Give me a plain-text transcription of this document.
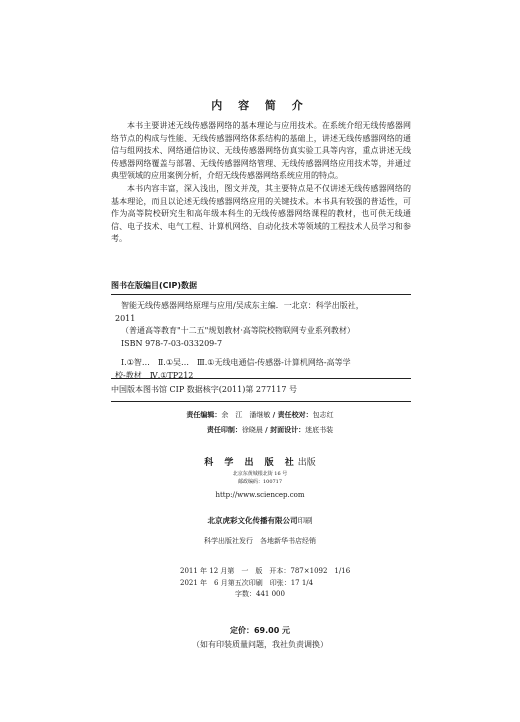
内 容 简 介

本书主要讲述无线传感器网络的基本理论与应用技术。在系统介绍无线传感器网络节点的构成与性能、无线传感器网络体系结构的基础上，讲述无线传感器网络的通信与组网技术、网络通信协议、无线传感器网络仿真实验工具等内容，重点讲述无线传感器网络覆盖与部署、无线传感器网络管理、无线传感器网络应用技术等，并通过典型领域的应用案例分析，介绍无线传感器网络系统应用的特点。

本书内容丰富，深入浅出，图文并茂，其主要特点是不仅讲述无线传感器网络的基本理论，而且以论述无线传感器网络应用的关键技术。本书具有较强的普适性，可作为高等院校研究生和高年级本科生的无线传感器网络课程的教材，也可供无线通信、电子技术、电气工程、计算机网络、自动化技术等领域的工程技术人员学习和参考。

图书在版编目(CIP)数据

智能无线传感器网络原理与应用/吴成东主编．一北京：科学出版社，

2011

（普通高等教育"十二五"规划教材·高等院校物联网专业系列教材）

ISBN 978-7-03-033209-7

Ⅰ.①智…　Ⅱ.①吴…　Ⅲ.①无线电通信-传感器-计算机网络-高等学

校-教材　Ⅳ.①TP212

中国版本图书馆 CIP 数据核字(2011)第 277117 号
责任编辑：余　江　潘继敏 / 责任校对：包志红
责任印制：徐晓晨 / 封面设计：迷底书装
科 学 出 版 社出版
北京东黄城根北街 16 号
邮政编码：100717
http://www.sciencep.com
北京虎彩文化传播有限公司印刷
科学出版社发行　各地新华书店经销

2011 年 12 月第　一　版　开本：787×1092　1/16

2021 年　6 月第五次印刷　印张：17 1/4

字数：441 000

定价：69.00 元
（如有印装质量问题，我社负责调换）
